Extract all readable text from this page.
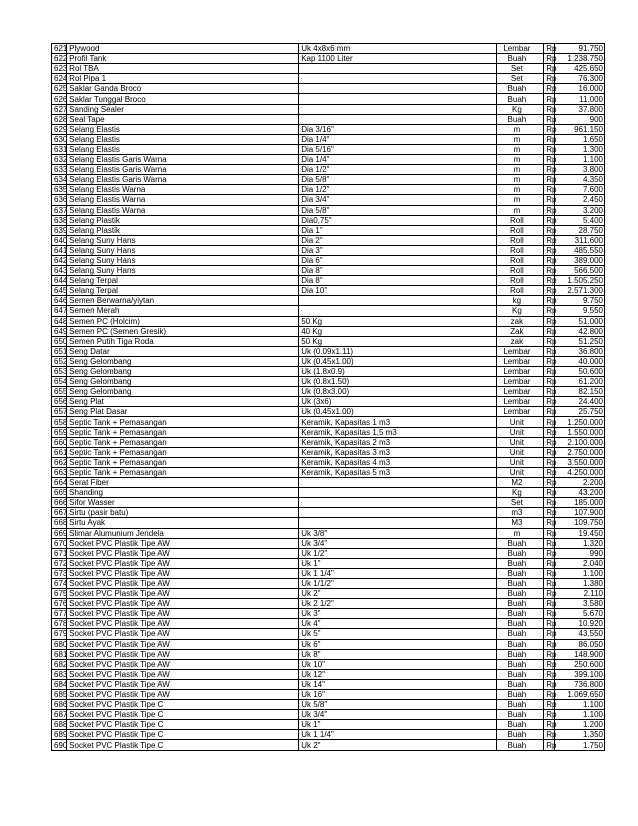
621	Plywood	Uk 4x8x6 mm	Lembar	Rp	91.750
622	Profil Tank	Kap 1100 Liter	Buah	Rp	1.238.750
623	Rol TBA		Set	Rp	425.650
624	Rol Pipa 1		Set	Rp	76.300
625	Saklar Ganda Broco		Buah	Rp	16.000
626	Saklar Tunggal Broco		Buah	Rp	11.000
627	Sanding Sealer		Kg	Rp	37.800
628	Seal Tape		Buah	Rp	900
629	Selang Elastis	Dia 3/16"	m	Rp	961.150
630	Selang Elastis	Dia 1/4"	m	Rp	1.650
631	Selang Elastis	Dia 5/16"	m	Rp	1.300
632	Selang Elastis Garis Warna	Dia 1/4"	m	Rp	1.100
633	Selang Elastis Garis Warna	Dia 1/2"	m	Rp	3.800
634	Selang Elastis Garis Warna	Dia 5/8"	m	Rp	4.350
635	Selang Elastis Warna	Dia 1/2"	m	Rp	7.600
636	Selang Elastis Warna	Dia 3/4"	m	Rp	2.450
637	Selang Elastis Warna	Dia 5/8"	m	Rp	3.200
638	Selang Plastik	Dia0,75"	Roll	Rp	5.400
639	Selang Plastik	Dia 1"	Roll	Rp	28.750
640	Selang Suny Hans	Dia 2"	Roll	Rp	311.600
641	Selang Suny Hans	Dia 3"	Roll	Rp	485.550
642	Selang Suny Hans	Dia 6"	Roll	Rp	389.000
643	Selang Suny Hans	Dia 8"	Roll	Rp	566.500
644	Selang Terpal	Dia 8"	Roll	Rp	1.505.250
645	Selang Terpal	Dia 10"	Roll	Rp	2.571.300
646	Semen Berwarna/yiytan		kg	Rp	9.750
647	Semen Merah		Kg	Rp	9.550
648	Semen PC (Holcim)	50 Kg	zak	Rp	51.000
649	Semen PC (Semen Gresik)	40 Kg	Zak	Rp	42.800
650	Semen Putih Tiga Roda	50 Kg	zak	Rp	51.250
651	Seng Datar	Uk (0.09x1.11)	Lembar	Rp	36.800
652	Seng Gelombang	Uk (0.45x1.00)	Lembar	Rp	40.000
653	Seng Gelombang	Uk (1.8x0.9)	Lembar	Rp	50.600
654	Seng Gelombang	Uk (0.8x1.50)	Lembar	Rp	61.200
655	Seng Gelombang	Uk (0.8x3.00)	Lembar	Rp	82.150
656	Seng Plat	Uk (3x6)	Lembar	Rp	24.400
657	Seng Plat Dasar	Uk (0.45x1.00)	Lembar	Rp	25.750
658	Septic Tank + Pemasangan	Keramik, Kapasitas 1 m3	Unit	Rp	1.250.000
659	Septic Tank + Pemasangan	Keramik, Kapasitas 1,5 m3	Unit	Rp	1.550.000
660	Septic Tank + Pemasangan	Keramik, Kapasitas 2 m3	Unit	Rp	2.100.000
661	Septic Tank + Pemasangan	Keramik, Kapasitas 3 m3	Unit	Rp	2.750.000
662	Septic Tank + Pemasangan	Keramik, Kapasitas 4 m3	Unit	Rp	3.550.000
663	Septic Tank + Pemasangan	Keramik, Kapasitas 5 m3	Unit	Rp	4.250.000
664	Serat Fiber		M2	Rp	2.200
665	Shanding		Kg	Rp	43.200
666	Sifor Wasser		Set	Rp	185.000
667	Sirtu (pasir batu)		m3	Rp	107.900
668	Sirtu Ayak		M3	Rp	109.750
669	Slimar Alumunium Jendela	Uk 3/8"	m	Rp	19.450
670	Socket PVC Plastik Tipe AW	Uk 3/4"	Buah	Rp	1.320
671	Socket PVC Plastik Tipe AW	Uk 1/2"	Buah	Rp	990
672	Socket PVC Plastik Tipe AW	Uk 1"	Buah	Rp	2.040
673	Socket PVC Plastik Tipe AW	Uk 1 1/4"	Buah	Rp	1.100
674	Socket PVC Plastik Tipe AW	Uk 1/1/2"	Buah	Rp	1.380
675	Socket PVC Plastik Tipe AW	Uk 2"	Buah	Rp	2.110
676	Socket PVC Plastik Tipe AW	Uk 2 1/2"	Buah	Rp	3.580
677	Socket PVC Plastik Tipe AW	Uk 3"	Buah	Rp	5.670
678	Socket PVC Plastik Tipe AW	Uk 4"	Buah	Rp	10.920
679	Socket PVC Plastik Tipe AW	Uk 5"	Buah	Rp	43.550
680	Socket PVC Plastik Tipe AW	Uk 6"	Buah	Rp	86.050
681	Socket PVC Plastik Tipe AW	Uk 8"	Buah	Rp	148.900
682	Socket PVC Plastik Tipe AW	Uk 10"	Buah	Rp	250.600
683	Socket PVC Plastik Tipe AW	Uk 12"	Buah	Rp	399.100
684	Socket PVC Plastik Tipe AW	Uk 14"	Buah	Rp	736.800
685	Socket PVC Plastik Tipe AW	Uk 16"	Buah	Rp	1.069.650
686	Socket PVC Plastik Tipe C	Uk 5/8"	Buah	Rp	1.100
687	Socket PVC Plastik Tipe C	Uk 3/4"	Buah	Rp	1.100
688	Socket PVC Plastik Tipe C	Uk 1"	Buah	Rp	1.200
689	Socket PVC Plastik Tipe C	Uk 1 1/4"	Buah	Rp	1.350
690	Socket PVC Plastik Tipe C	Uk 2"	Buah	Rp	1.750
